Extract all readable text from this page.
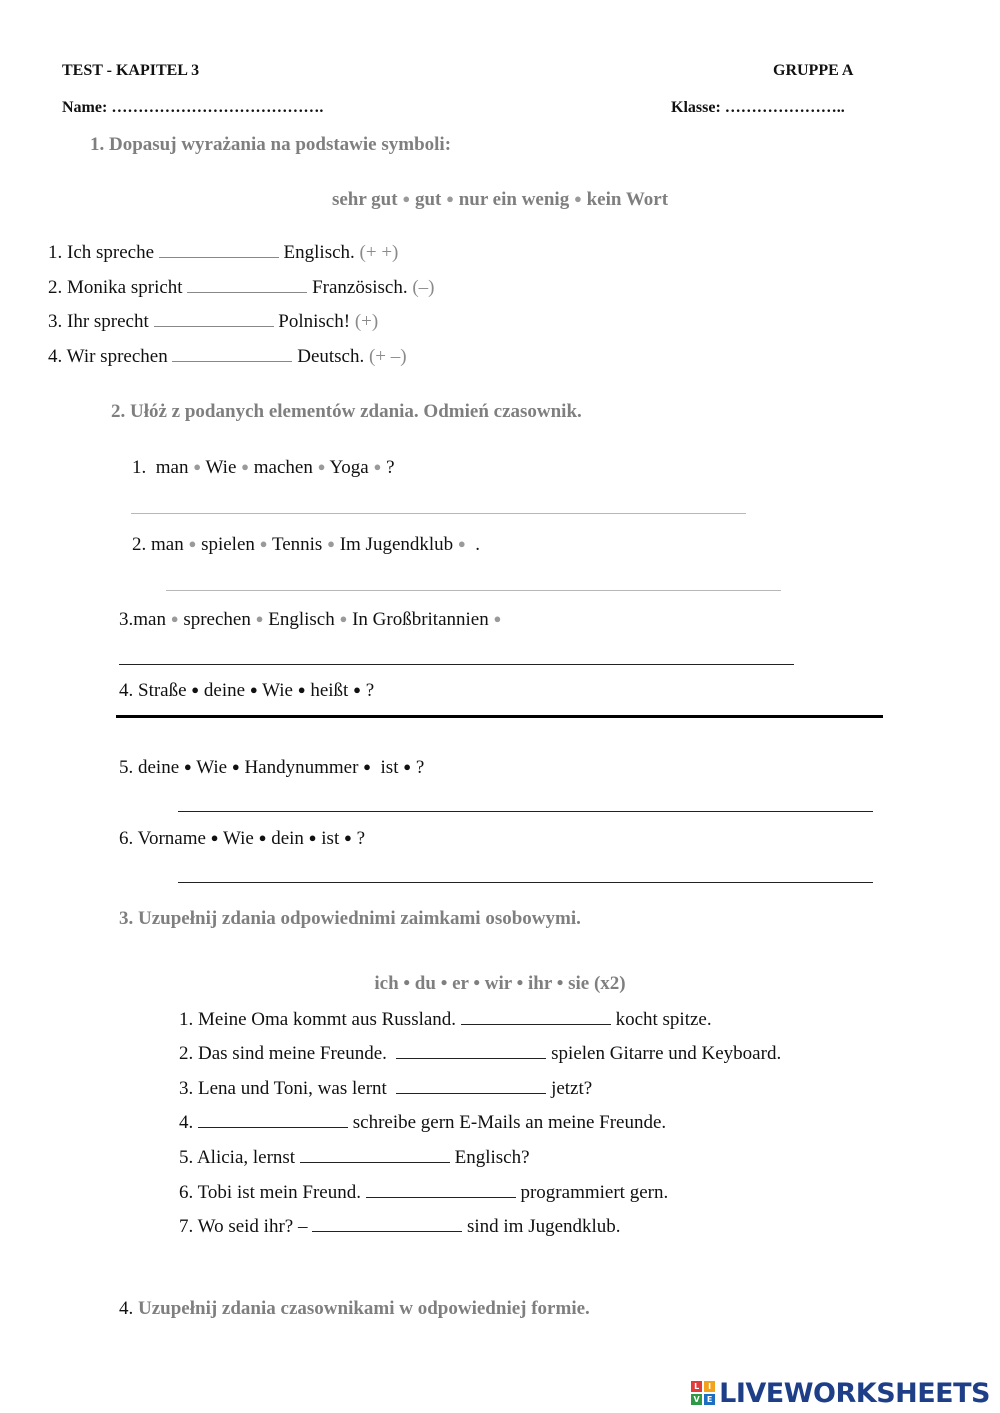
TEST - KAPITEL 3	GRUPPE A
Name: ………………………………….	Klasse: …………………..
1. Dopasuj wyrażania na podstawie symboli:
sehr gut ● gut ● nur ein wenig ● kein Wort
1. Ich spreche	Englisch. (+ +)
2. Monika spricht	Französisch. (–)
3. Ihr sprecht	Polnisch! (+)
4. Wir sprechen	Deutsch. (+ –)
2. Ułóż z podanych elementów zdania. Odmień czasownik.
1. man ● Wie ● machen ● Yoga ● ?
2. man ● spielen ● Tennis ● Im Jugendklub ● .
3.man ● sprechen ● Englisch ● In Großbritannien ●
4. Straße ● deine ● Wie ● heißt ● ?
5. deine ● Wie ● Handynummer ● ist ● ?
6. Vorname ● Wie ● dein ● ist ● ?
3. Uzupełnij zdania odpowiednimi zaimkami osobowymi.
ich • du • er • wir • ihr • sie (x2)
1. Meine Oma kommt aus Russland.	kocht spitze.
2. Das sind meine Freunde.	spielen Gitarre und Keyboard.
3. Lena und Toni, was lernt	jetzt?
4.	schreibe gern E-Mails an meine Freunde.
5. Alicia, lernst	Englisch?
6. Tobi ist mein Freund.	programmiert gern.
7. Wo seid ihr? –	sind im Jugendklub.
4. Uzupełnij zdania czasownikami w odpowiedniej formie.
L	I
V E LIVEWORKSHEETS
